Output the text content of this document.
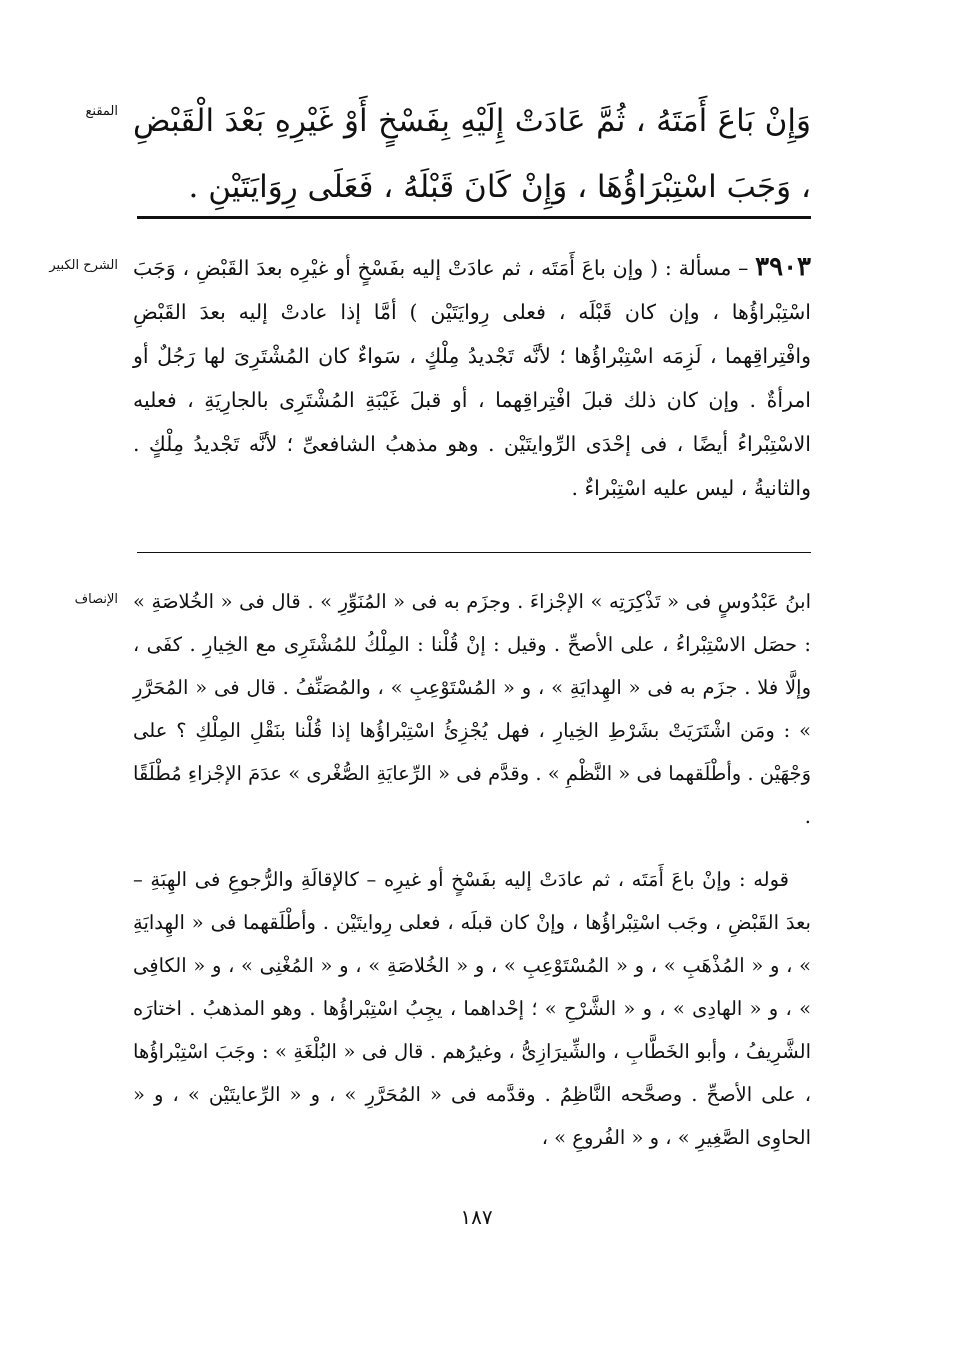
المقنع وَإِنْ بَاعَ أَمَتَهُ ، ثُمَّ عَادَتْ إِلَيْهِ بِفَسْخٍ أَوْ غَيْرِهِ بَعْدَ الْقَبْضِ ، وَجَبَ اسْتِبْرَاؤُهَا ، وَإِنْ كَانَ قَبْلَهُ ، فَعَلَى رِوَايَتَيْنِ .

الشرح الكبير	٣٩٠٣ – مسألة : ( وإن باعَ أَمَتَه ، ثم عادَتْ إليه بفَسْخٍ أو غيْرِه بعدَ القَبْضِ ، وَجَبَ اسْتِبْراؤُها ، وإن كان قَبْلَه ، فعلى رِوايَتَيْن ) أمَّا إذا عادتْ إليه بعدَ القَبْضِ وافْتِراقِهما ، لَزِمَه اسْتِبْراؤُها ؛ لأنَّه تَجْديدُ مِلْكٍ ، سَواءٌ كان المُشْتَرِىَ لها رَجُلٌ أو امرأةٌ . وإن كان ذلك قبلَ افْتِراقِهما ، أو قبلَ غَيْبَةِ المُشْتَرِى بالجارِيَةِ ، فعليه الاسْتِبْراءُ أيضًا ، فى إحْدَى الرِّوايتَيْن . وهو مذهبُ الشافعىِّ ؛ لأنَّه تَجْديدُ مِلْكٍ . والثانيةُ ، ليس عليه اسْتِبْراءٌ .

الإنصاف ابنُ عَبْدُوسٍ فى « تَذْكِرَتِه » الإجْزاءَ . وجزَم به فى « المُنَوِّرِ » . قال فى « الخُلاصَةِ » : حصَل الاسْتِبْراءُ ، على الأصحِّ . وقيل : إنْ قُلْنا : المِلْكُ للمُشْتَرِى مع الخِيارِ . كفَى ، وإلَّا فلا . جزَم به فى « الهِدايَةِ » ، و « المُسْتَوْعِبِ » ، والمُصَنِّفُ . قال فى « المُحَرَّرِ » : ومَن اشْتَرَيَتْ بشَرْطِ الخِيارِ ، فهل يُجْزِئُ اسْتِبْراؤُها إذا قُلْنا بنَقْلِ المِلْكِ ؟ على وَجْهَيْن . وأطْلَقهما فى « النَّظْمِ » . وقدَّم فى « الرِّعايَةِ الصُّغْرى » عدَمَ الإجْزاءِ مُطْلَقًا .

قوله : وإنْ باعَ أَمَتَه ، ثم عادَتْ إليه بفَسْخٍ أو غيرِه – كالإقالَةِ والرُّجوعِ فى الهِبَةِ – بعدَ القَبْضِ ، وجَب اسْتِبْراؤُها ، وإنْ كان قبلَه ، فعلى رِوايتَيْن . وأطْلَقهما فى « الهِدايَةِ » ، و « المُذْهَبِ » ، و « المُسْتَوْعِبِ » ، و « الخُلاصَةِ » ، و « المُغْنِى » ، و « الكافِى » ، و « الهادِى » ، و « الشَّرْحِ » ؛ إحْداهما ، يجِبُ اسْتِبْراؤُها . وهو المذهبُ . اختارَه الشَّرِيفُ ، وأبو الخَطَّابِ ، والشِّيرَازِىُّ ، وغيرُهم . قال فى « البُلْغَةِ » : وجَبَ اسْتِبْراؤُها ، على الأصحِّ . وصحَّحه النَّاظِمُ . وقدَّمه فى « المُحَرَّرِ » ، و « الرِّعايتَيْن » ، و « الحاوِى الصَّغِيرِ » ، و « الفُروعِ » ،

١٨٧
